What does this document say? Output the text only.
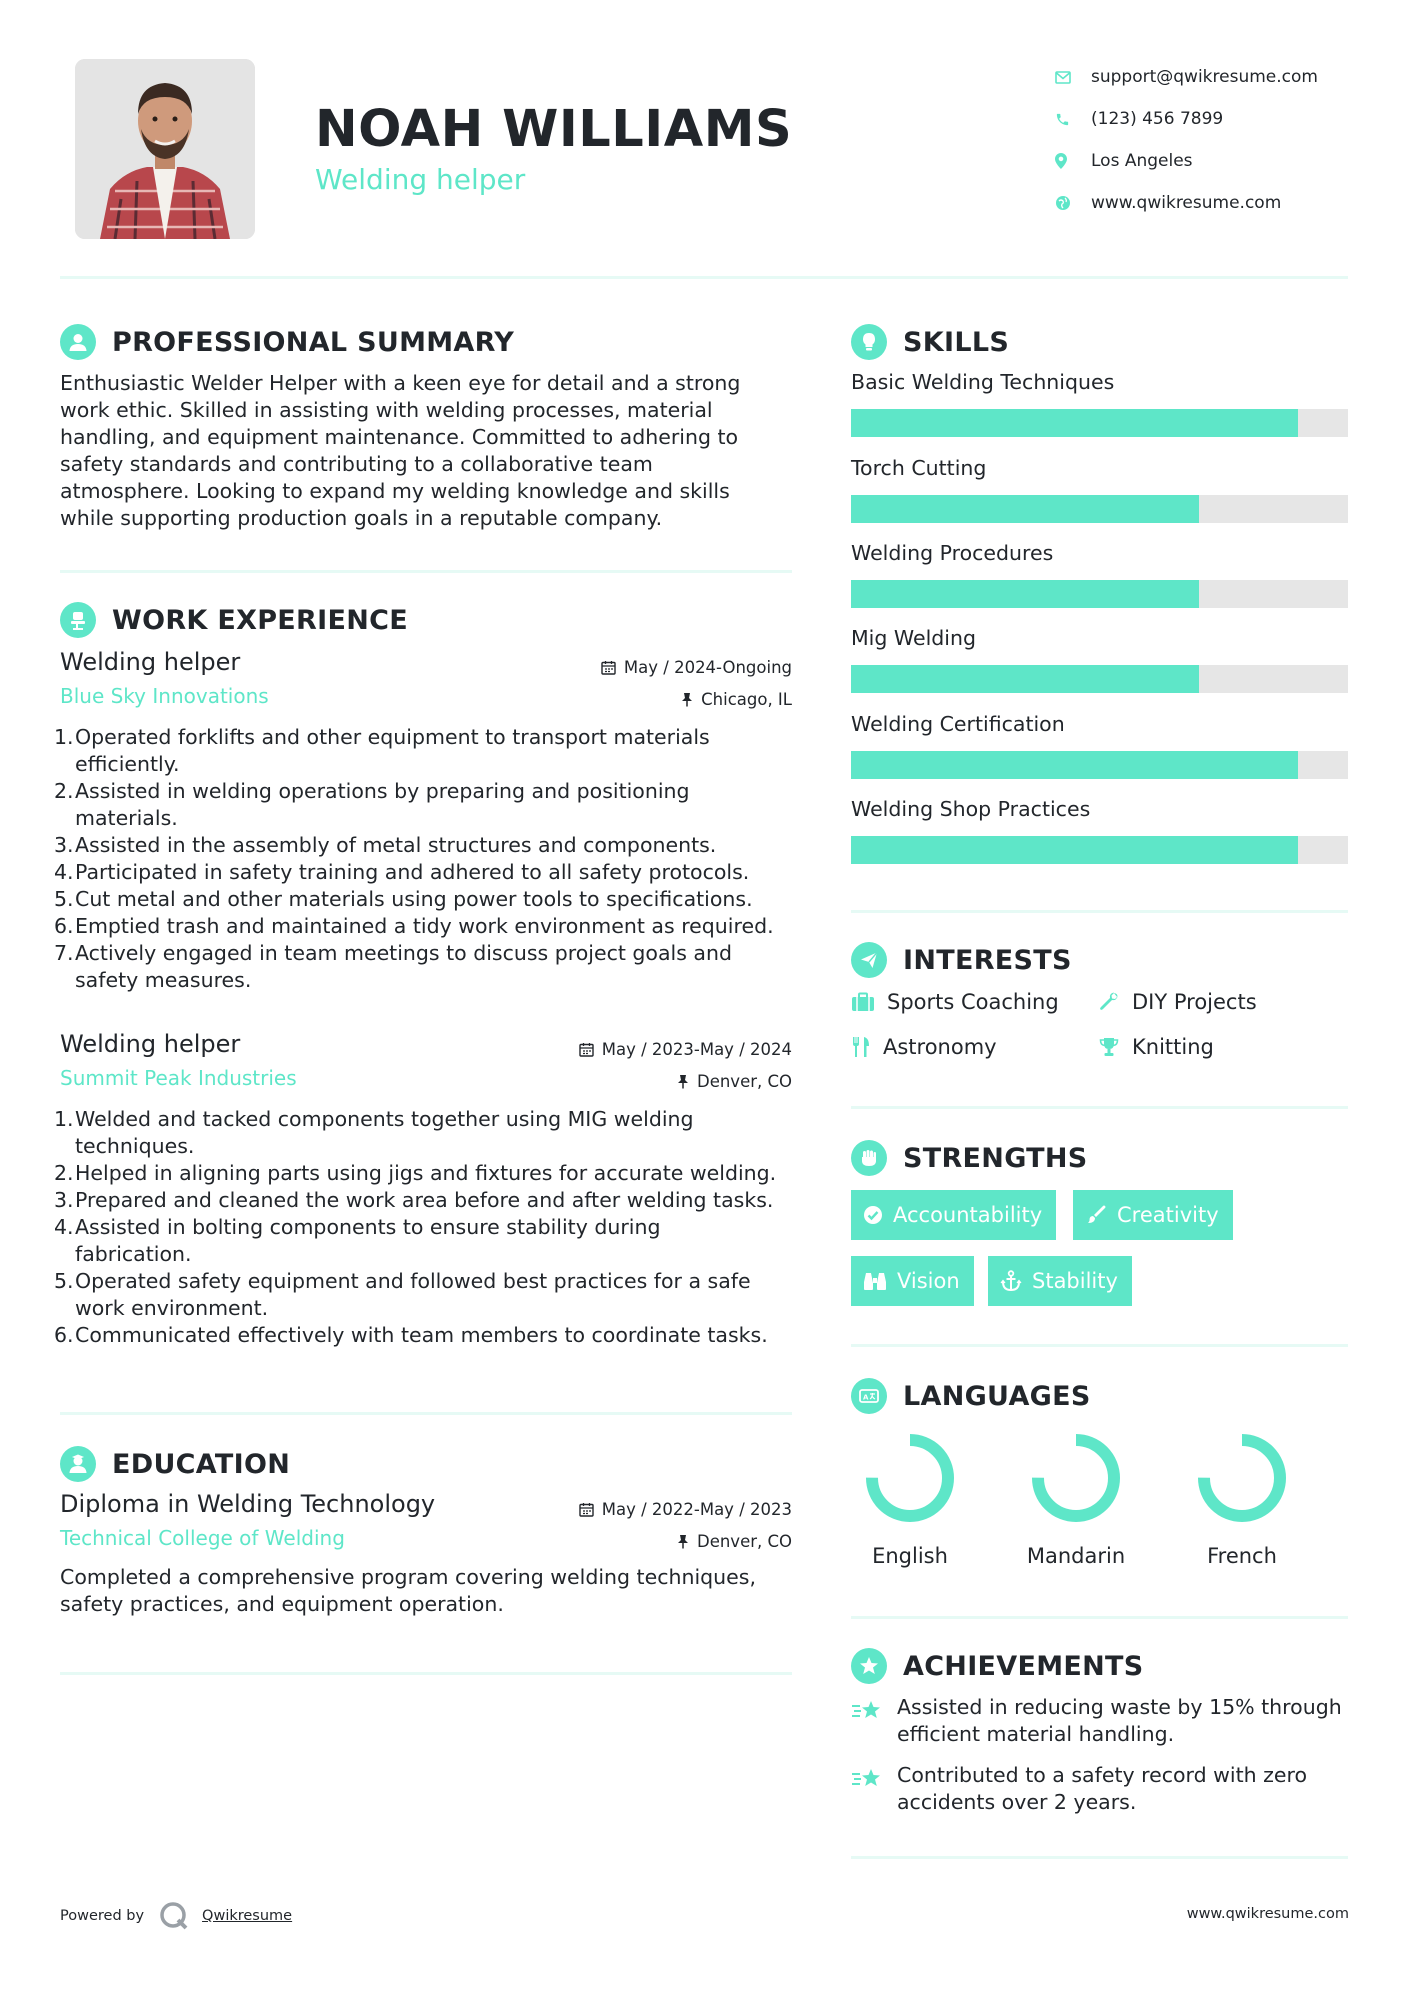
NOAH WILLIAMS
Welding helper
support@qwikresume.com
(123) 456 7899
Los Angeles
www.qwikresume.com
PROFESSIONAL SUMMARY
Enthusiastic Welder Helper with a keen eye for detail and a strong
work ethic. Skilled in assisting with welding processes, material
handling, and equipment maintenance. Committed to adhering to
safety standards and contributing to a collaborative team
atmosphere. Looking to expand my welding knowledge and skills
while supporting production goals in a reputable company.
WORK EXPERIENCE
Welding helper	May / 2024-Ongoing
Blue Sky Innovations	Chicago, IL
1. Operated forklifts and other equipment to transport materials
efficiently.
2. Assisted in welding operations by preparing and positioning
materials.
3. Assisted in the assembly of metal structures and components.
4. Participated in safety training and adhered to all safety protocols.
5. Cut metal and other materials using power tools to specifications.
6. Emptied trash and maintained a tidy work environment as required.
7. Actively engaged in team meetings to discuss project goals and
safety measures.
Welding helper	May / 2023-May / 2024
Summit Peak Industries	Denver, CO
1. Welded and tacked components together using MIG welding
techniques.
2. Helped in aligning parts using jigs and fixtures for accurate welding.
3. Prepared and cleaned the work area before and after welding tasks.
4. Assisted in bolting components to ensure stability during
fabrication.
5. Operated safety equipment and followed best practices for a safe
work environment.
6. Communicated effectively with team members to coordinate tasks.
EDUCATION
Diploma in Welding Technology	May / 2022-May / 2023
Technical College of Welding	Denver, CO
Completed a comprehensive program covering welding techniques,
safety practices, and equipment operation.
SKILLS
Basic Welding Techniques
Torch Cutting
Welding Procedures
Mig Welding
Welding Certification
Welding Shop Practices
INTERESTS
Sports Coaching	DIY Projects
Astronomy	Knitting
STRENGTHS
Accountability	Creativity
Vision	Stability
A LANGUAGES
English	Mandarin	French
ACHIEVEMENTS
Assisted in reducing waste by 15% through
efficient material handling.
Contributed to a safety record with zero
accidents over 2 years.
Powered by	Qwikresume	www.qwikresume.com
